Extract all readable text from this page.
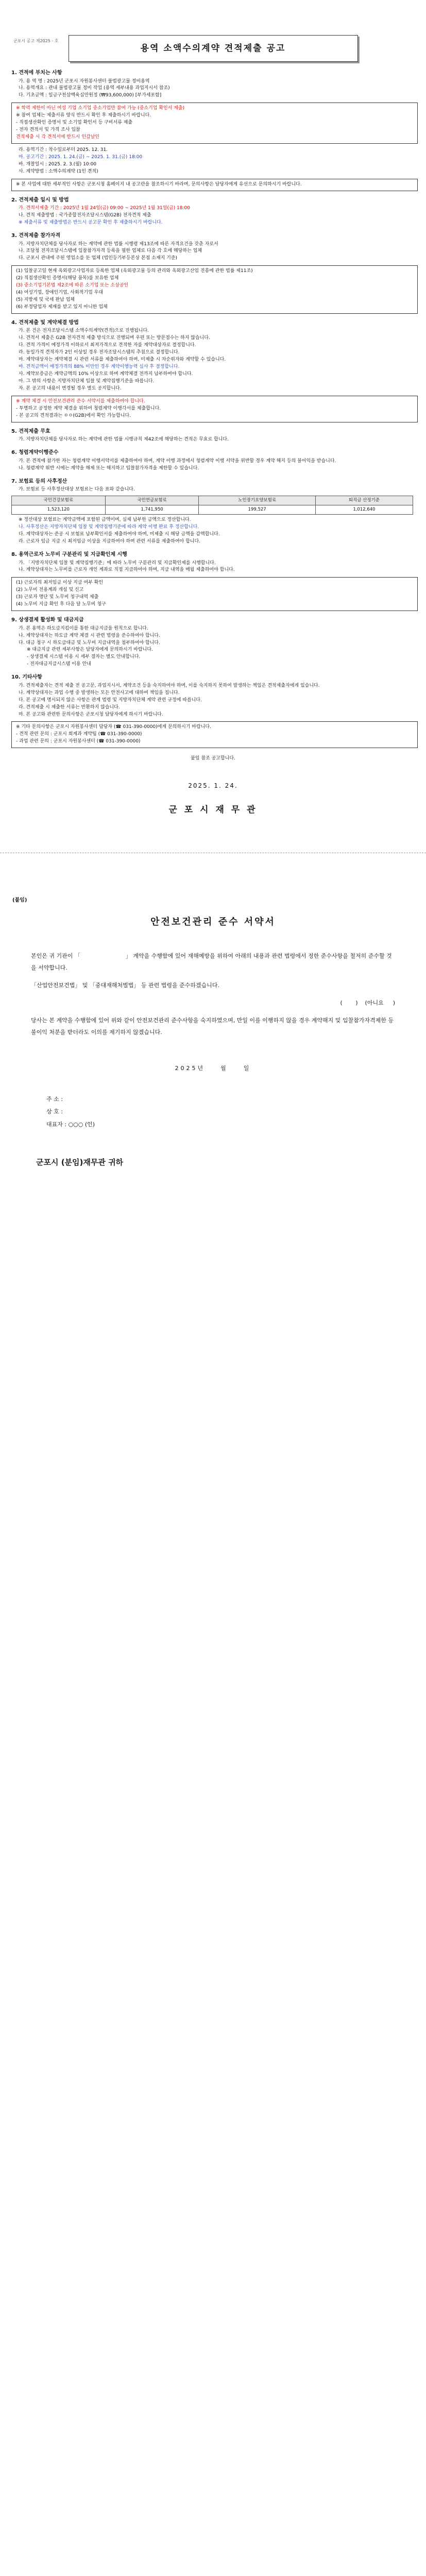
군포시 공고 제2025 - 호
용역 소액수의계약 견적제출 공고
1. 견적에 부치는 사항
가. 용 역 명 : 2025년 군포시 자원봉사센터 불법광고물 정비용역
나. 용역개요 : 관내 불법광고물 정비 작업 (용역 세부내용 과업지시서 참조)
다. 기초금액 : 일금구천삼백육십만원정 (₩93,600,000) [부가세포함]

※ 학력 제한이 아닌 여성 기업 소기업 중소기업만 참여 가능 (중소기업 확인서 제출)

※ 참여 업체는 제출서류 양식 반드시 확인 후 제출하시기 바랍니다.

- 직접생산확인 증명서 및 소기업 확인서 등 구비서류 제출

- 전자 견적서 및 가격 조사 입찰

견적제출 시 각 견적서에 반드시 인감날인

라. 용역기간 : 착수일로부터 2025. 12. 31.
마. 공고기간 : 2025. 1. 24.(금) ~ 2025. 1. 31.(금) 18:00
바. 개찰일시 : 2025. 2. 3.(월) 10:00
사. 계약방법 : 소액수의계약 (1인 견적)

※ 본 사업에 대한 세부적인 사항은 군포시청 홈페이지 내 공고란을 참조하시기 바라며, 문의사항은 담당자에게 유선으로 문의하시기 바랍니다.

2. 견적제출 일시 및 방법
가. 견적서제출 기간 : 2025년 1월 24일(금) 09:00 ~ 2025년 1월 31일(금) 18:00
나. 견적 제출방법 : 국가종합전자조달시스템(G2B) 전자견적 제출
※ 제출서류 및 제출방법은 반드시 공고문 확인 후 제출하시기 바랍니다.
3. 견적제출 참가자격
가. 지방자치단체를 당사자로 하는 계약에 관한 법률 시행령 제13조에 따른 자격요건을 갖춘 자로서
나. 조달청 전자조달시스템에 입찰참가자격 등록을 필한 업체로 다음 각 호에 해당하는 업체
다. 군포시 관내에 주된 영업소를 둔 업체 (법인등기부등본상 본점 소재지 기준)

(1) 입찰공고일 현재 옥외광고사업자로 등록한 업체 (옥외광고물 등의 관리와 옥외광고산업 진흥에 관한 법률 제11조)

(2) 직접생산확인 증명서(해당 품목)를 보유한 업체

(3) 중소기업기본법 제2조에 따른 소기업 또는 소상공인

(4) 여성기업, 장애인기업, 사회적기업 우대

(5) 지방세 및 국세 완납 업체

(6) 부정당업자 제재를 받고 있지 아니한 업체

4. 견적제출 및 계약체결 방법
가. 본 건은 전자조달시스템 소액수의계약(견적)으로 진행됩니다.
나. 견적서 제출은 G2B 전자견적 제출 방식으로 진행되며 우편 또는 방문접수는 하지 않습니다.
다. 견적 가격이 예정가격 이하로서 최저가격으로 견적한 자를 계약대상자로 결정합니다.
라. 동일가격 견적자가 2인 이상일 경우 전자조달시스템의 추첨으로 결정합니다.
마. 계약대상자는 계약체결 시 관련 서류를 제출하여야 하며, 미제출 시 차순위자와 계약할 수 있습니다.
바. 견적금액이 예정가격의 88% 미만인 경우 계약이행능력 심사 후 결정합니다.
사. 계약보증금은 계약금액의 10% 이상으로 하며 계약체결 전까지 납부하여야 합니다.
아. 그 밖의 사항은 지방자치단체 입찰 및 계약집행기준을 따릅니다.
자. 본 공고의 내용이 변경될 경우 별도 공지합니다.

※ 계약 체결 시 안전보건관리 준수 서약서를 제출하여야 합니다.

- 투명하고 공정한 계약 체결을 위하여 청렴계약 이행각서를 제출합니다.

- 본 공고의 견적결과는 ㅇㅇ(G2B)에서 확인 가능합니다.

5. 견적제출 무효
가. 지방자치단체를 당사자로 하는 계약에 관한 법률 시행규칙 제42조에 해당하는 견적은 무효로 합니다.
6. 청렴계약이행준수
가. 본 견적에 참가한 자는 청렴계약 이행서약서를 제출하여야 하며, 계약 이행 과정에서 청렴계약 이행 서약을 위반할 경우 계약 해지 등의 불이익을 받습니다.
나. 청렴계약 위반 시에는 계약을 해제 또는 해지하고 입찰참가자격을 제한할 수 있습니다.
7. 보험료 등의 사후정산
가. 보험료 등 사후정산대상 보험료는 다음 표와 같습니다.
국민건강보험료	국민연금보험료	노인장기요양보험료	퇴직금 산정기준
1,523,120	1,741,950	199,527	1,012,640
※ 정산대상 보험료는 계약금액에 포함된 금액이며, 실제 납부한 금액으로 정산합니다.
나. 사후정산은 지방자치단체 입찰 및 계약집행기준에 따라 계약 이행 완료 후 정산합니다.
다. 계약대상자는 준공 시 보험료 납부확인서를 제출하여야 하며, 미제출 시 해당 금액을 감액합니다.
라. 근로자 임금 지급 시 최저임금 이상을 지급하여야 하며 관련 서류를 제출하여야 합니다.
8. 용역근로자 노무비 구분관리 및 지급확인제 시행
가. 「지방자치단체 입찰 및 계약집행기준」에 따라 노무비 구분관리 및 지급확인제를 시행합니다.
나. 계약상대자는 노무비를 근로자 개인 계좌로 직접 지급하여야 하며, 지급 내역을 매월 제출하여야 합니다.

(1) 근로자의 최저임금 이상 지급 여부 확인

(2) 노무비 전용계좌 개설 및 신고

(3) 근로자 명단 및 노무비 청구내역 제출

(4) 노무비 지급 확인 후 다음 달 노무비 청구

9. 상생결제 활성화 및 대금지급
가. 본 용역은 하도급지킴이를 통한 대금지급을 원칙으로 합니다.
나. 계약상대자는 하도급 계약 체결 시 관련 법령을 준수하여야 합니다.
다. 대금 청구 시 하도급대금 및 노무비 지급내역을 첨부하여야 합니다.
※ 대금지급 관련 세부사항은 담당자에게 문의하시기 바랍니다.
- 상생결제 시스템 이용 시 세부 절차는 별도 안내합니다.
- 전자대금지급시스템 이용 안내
10. 기타사항
가. 견적제출자는 견적 제출 전 공고문, 과업지시서, 계약조건 등을 숙지하여야 하며, 이를 숙지하지 못하여 발생하는 책임은 견적제출자에게 있습니다.
나. 계약상대자는 과업 수행 중 발생하는 모든 안전사고에 대하여 책임을 집니다.
다. 본 공고에 명시되지 않은 사항은 관계 법령 및 지방자치단체 계약 관련 규정에 따릅니다.
라. 견적제출 시 제출한 서류는 반환하지 않습니다.
마. 본 공고와 관련한 문의사항은 군포시청 담당자에게 하시기 바랍니다.

※ 기타 문의사항은 군포시 자원봉사센터 담당자 (☎ 031-390-0000)에게 문의하시기 바랍니다.

- 견적 관련 문의 : 군포시 회계과 계약팀 (☎ 031-390-0000)

- 과업 관련 문의 : 군포시 자원봉사센터 (☎ 031-390-0000)

붙임 참조 공고합니다.
2025. 1. 24.
군 포 시 재 무 관
(붙임)
안전보건관리 준수 서약서

본인은 귀 기관이 「　　　　　　　　」 계약을 수행함에 있어 재해예방을 위하여 아래의 내용과 관련 법령에서 정한 준수사항을 철저히 준수할 것을 서약합니다.

「산업안전보건법」 및 「중대재해처벌법」 등 관련 법령을 준수하겠습니다.

(　　 ) (아니요 　 )

당사는 본 계약을 수행함에 있어 위와 같이 안전보건관리 준수사항을 숙지하였으며, 만일 이를 이행하지 않을 경우 계약해지 및 입찰참가자격제한 등 불이익 처분을 받더라도 이의를 제기하지 않겠습니다.

2025년　　월　　일
주 소 :
상 호 :
대표자 : ○○○ (인)
군포시 (분임)재무관 귀하
